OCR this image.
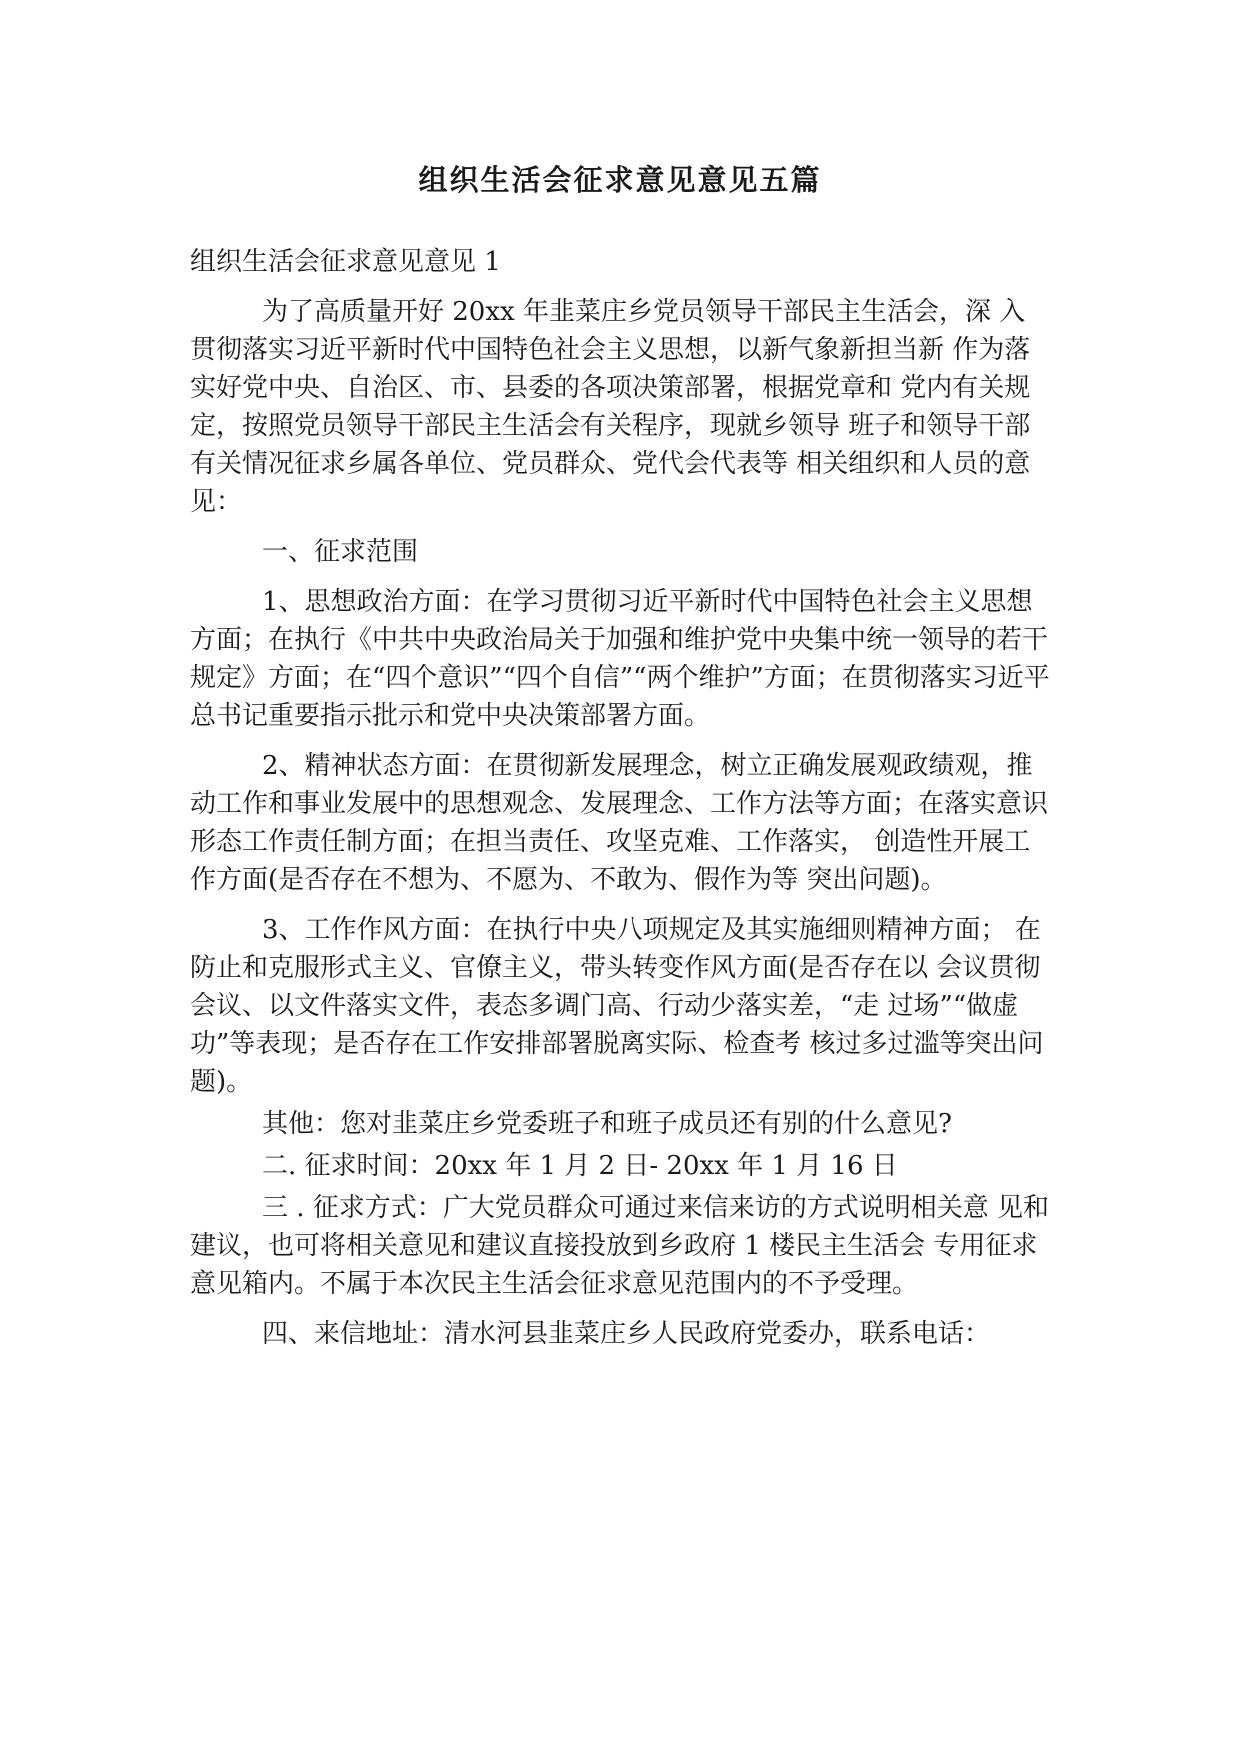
组织生活会征求意见意见五篇

组织生活会征求意见意见 1

为了高质量开好 20xx 年韭菜庄乡党员领导干部民主生活会，深 入贯彻落实习近平新时代中国特色社会主义思想，以新气象新担当新 作为落实好党中央、自治区、市、县委的各项决策部署，根据党章和 党内有关规定，按照党员领导干部民主生活会有关程序，现就乡领导 班子和领导干部有关情况征求乡属各单位、党员群众、党代会代表等 相关组织和人员的意见：

一、征求范围

1、思想政治方面：在学习贯彻习近平新时代中国特色社会主义思想方面；在执行《中共中央政治局关于加强和维护党中央集中统一领导的若干规定》方面；在“四个意识”“四个自信”“两个维护”方面；在贯彻落实习近平总书记重要指示批示和党中央决策部署方面。

2、精神状态方面：在贯彻新发展理念，树立正确发展观政绩观，推动工作和事业发展中的思想观念、发展理念、工作方法等方面；在落实意识形态工作责任制方面；在担当责任、攻坚克难、工作落实， 创造性开展工作方面(是否存在不想为、不愿为、不敢为、假作为等 突出问题)。

3、工作作风方面：在执行中央八项规定及其实施细则精神方面； 在防止和克服形式主义、官僚主义，带头转变作风方面(是否存在以 会议贯彻会议、以文件落实文件，表态多调门高、行动少落实差，“走 过场”“做虚功”等表现；是否存在工作安排部署脱离实际、检查考 核过多过滥等突出问题)。

其他：您对韭菜庄乡党委班子和班子成员还有别的什么意见?

二. 征求时间：20xx 年 1 月 2 日- 20xx 年 1 月 16 日

三 . 征求方式：广大党员群众可通过来信来访的方式说明相关意 见和建议，也可将相关意见和建议直接投放到乡政府 1 楼民主生活会 专用征求意见箱内。不属于本次民主生活会征求意见范围内的不予受理。

四、来信地址：清水河县韭菜庄乡人民政府党委办，联系电话：
